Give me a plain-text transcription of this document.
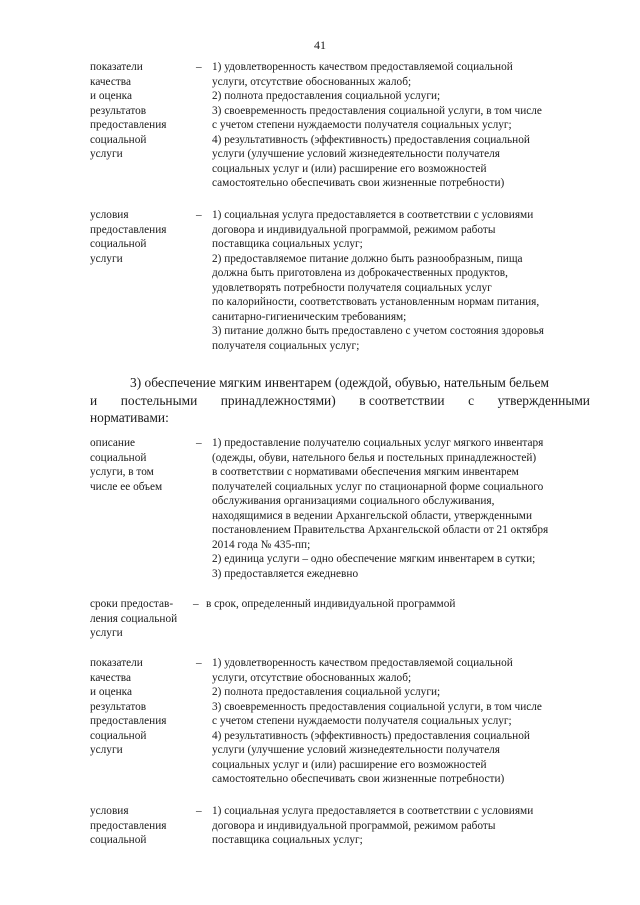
41
показатели
качества
и оценка
результатов
предоставления
социальной
услуги
– 1) удовлетворенность качеством предоставляемой социальной
услуги, отсутствие обоснованных жалоб;
2) полнота предоставления социальной услуги;
3) своевременность предоставления социальной услуги, в том числе
с учетом степени нуждаемости получателя социальных услуг;
4) результативность (эффективность) предоставления социальной
услуги (улучшение условий жизнедеятельности получателя
социальных услуг и (или) расширение его возможностей
самостоятельно обеспечивать свои жизненные потребности)
условия
предоставления
социальной
услуги
– 1) социальная услуга предоставляется в соответствии с условиями
договора и индивидуальной программой, режимом работы
поставщика социальных услуг;
2) предоставляемое питание должно быть разнообразным, пища
должна быть приготовлена из доброкачественных продуктов,
удовлетворять потребности получателя социальных услуг
по калорийности, соответствовать установленным нормам питания,
санитарно-гигиеническим требованиям;
3) питание должно быть предоставлено с учетом состояния здоровья
получателя социальных услуг;
3) обеспечение мягким инвентарем (одеждой, обувью, нательным бельем
и постельными принадлежностями) в соответствии с утвержденными
нормативами:
описание
социальной
услуги, в том
числе ее объем
– 1) предоставление получателю социальных услуг мягкого инвентаря
(одежды, обуви, нательного белья и постельных принадлежностей)
в соответствии с нормативами обеспечения мягким инвентарем
получателей социальных услуг по стационарной форме социального
обслуживания организациями социального обслуживания,
находящимися в ведении Архангельской области, утвержденными
постановлением Правительства Архангельской области от 21 октября
2014 года № 435-пп;
2) единица услуги – одно обеспечение мягким инвентарем в сутки;
3) предоставляется ежедневно
сроки предостав-
ления социальной
услуги
– в срок, определенный индивидуальной программой
показатели
качества
и оценка
результатов
предоставления
социальной
услуги
– 1) удовлетворенность качеством предоставляемой социальной
услуги, отсутствие обоснованных жалоб;
2) полнота предоставления социальной услуги;
3) своевременность предоставления социальной услуги, в том числе
с учетом степени нуждаемости получателя социальных услуг;
4) результативность (эффективность) предоставления социальной
услуги (улучшение условий жизнедеятельности получателя
социальных услуг и (или) расширение его возможностей
самостоятельно обеспечивать свои жизненные потребности)
условия
предоставления
социальной
– 1) социальная услуга предоставляется в соответствии с условиями
договора и индивидуальной программой, режимом работы
поставщика социальных услуг;
